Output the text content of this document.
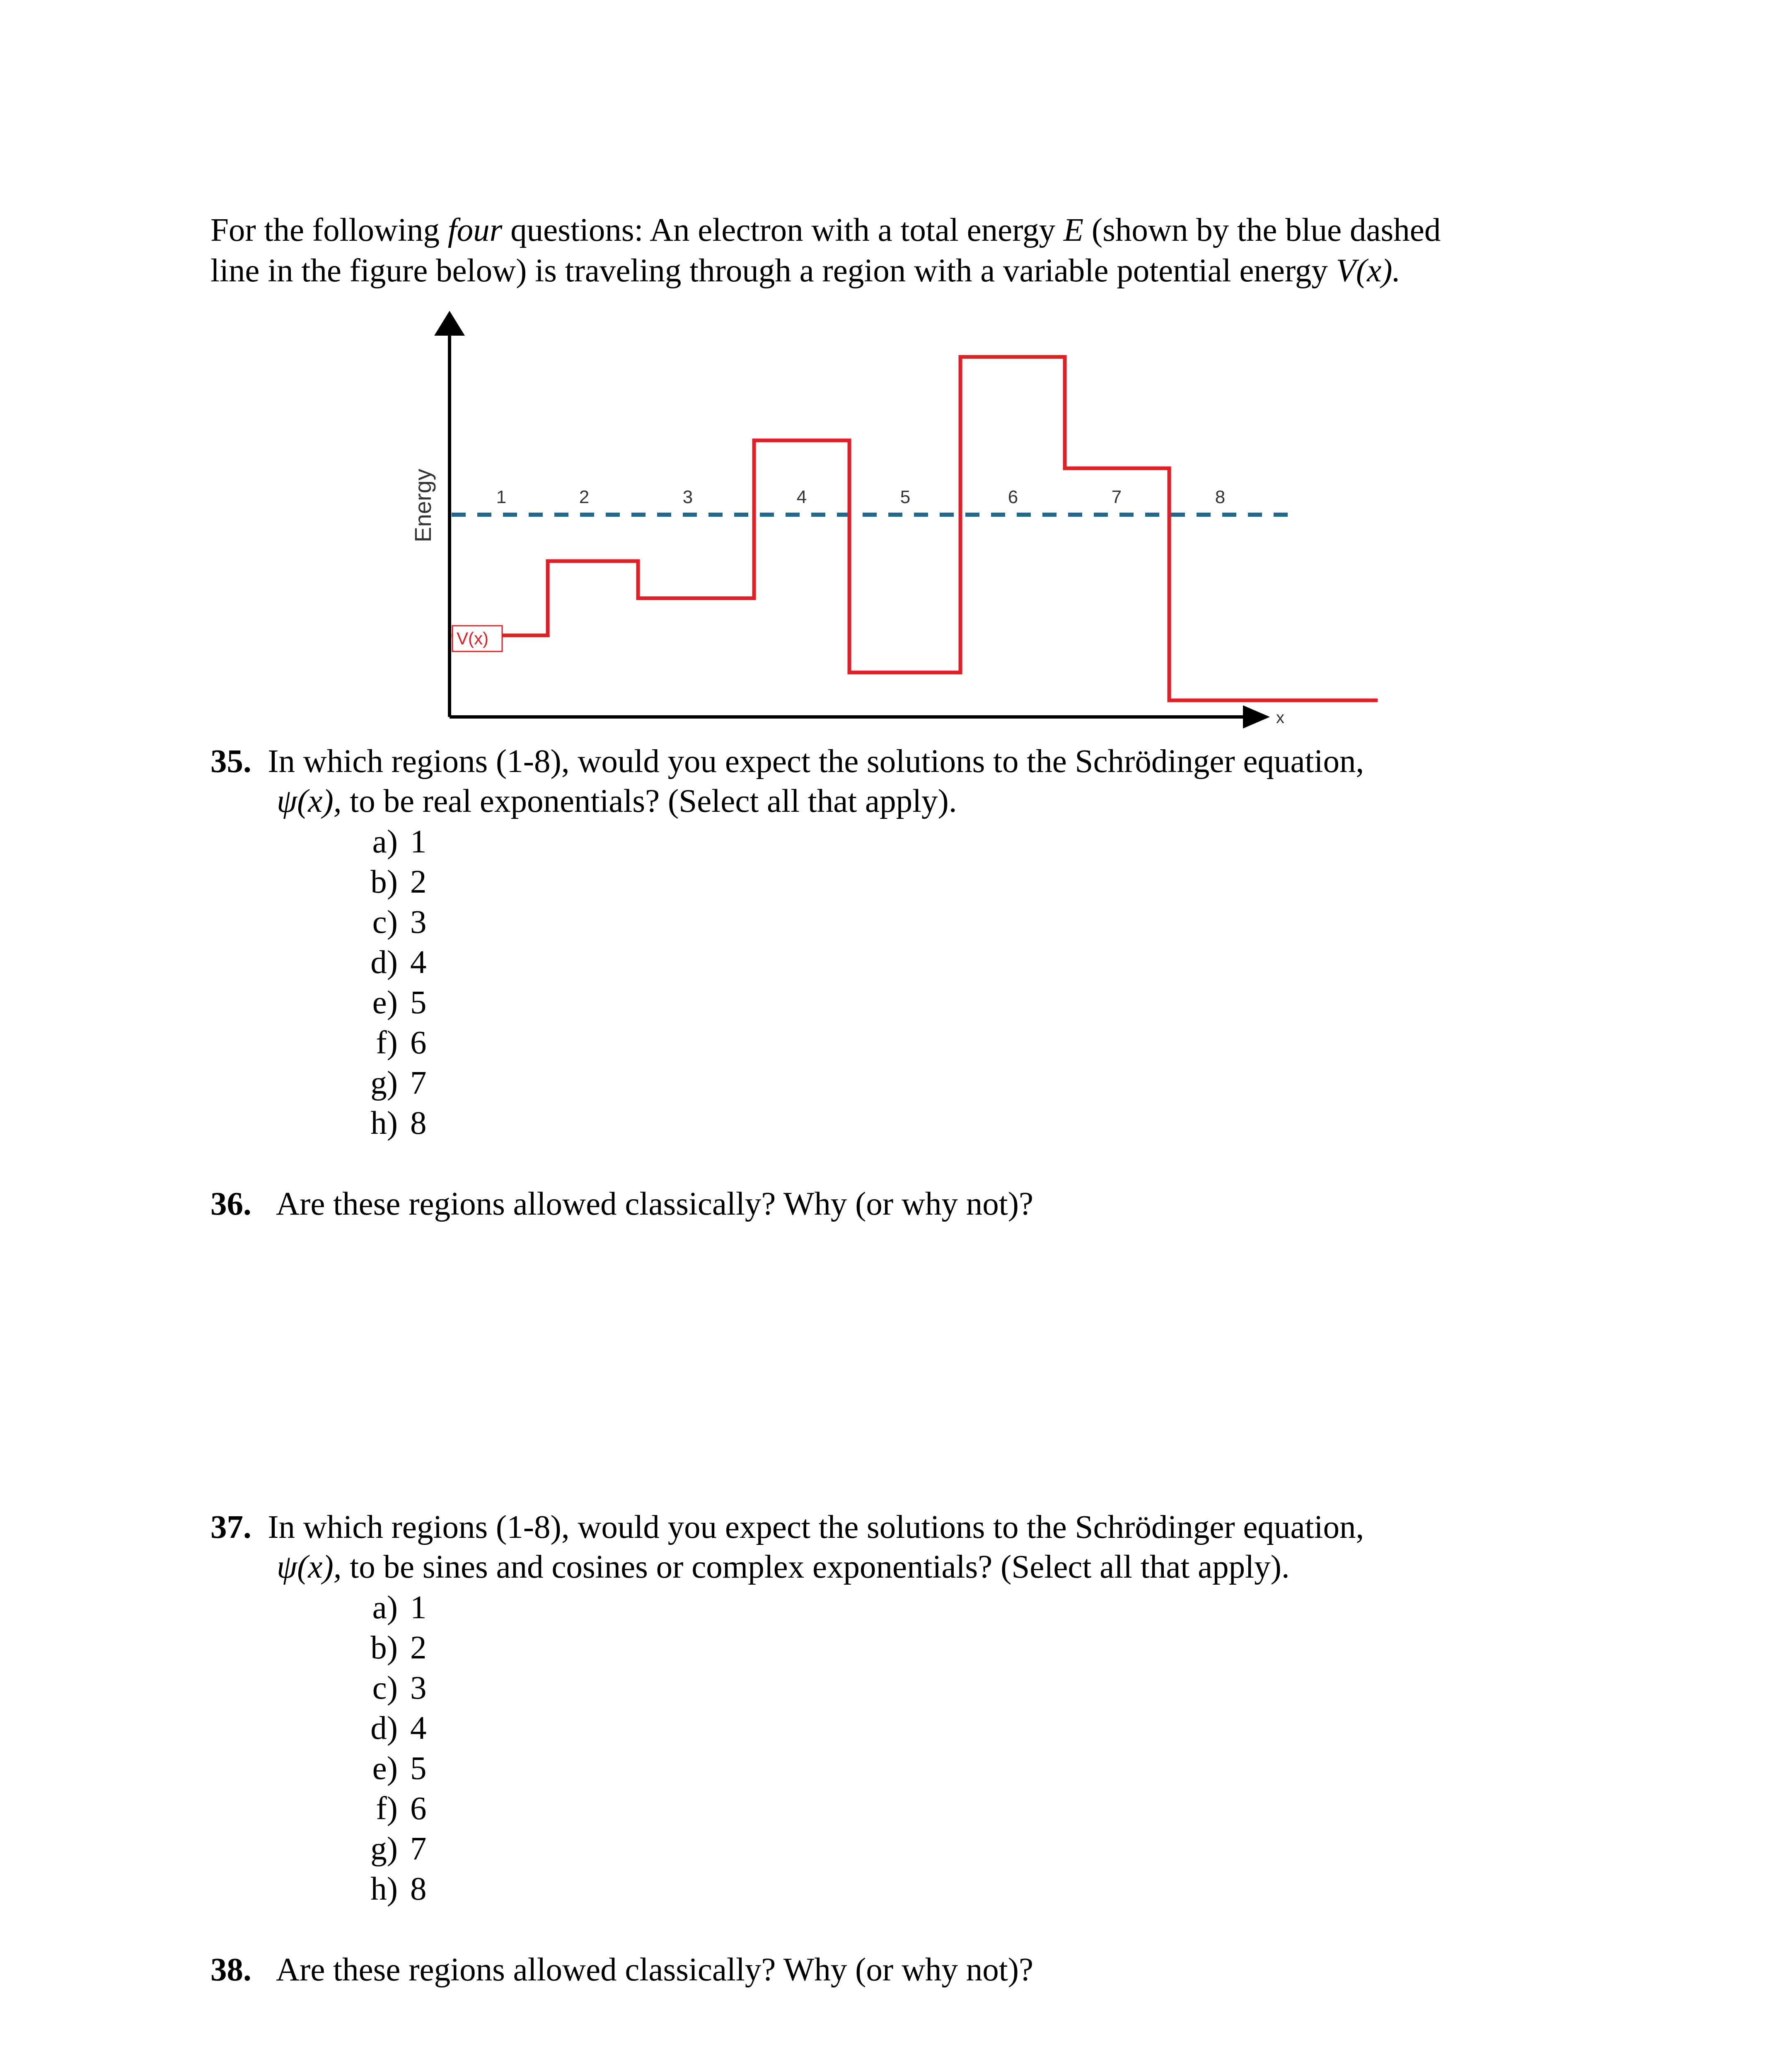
For the following four questions: An electron with a total energy E (shown by the blue dashed

line in the figure below) is traveling through a region with a variable potential energy V(x).

x
Energy
V(x)
1	2	3	4	5	6	7	8

35. In which regions (1-8), would you expect the solutions to the Schrödinger equation,

ψ(x), to be real exponentials? (Select all that apply).

a) 1

b) 2

c) 3

d) 4

e) 5

f) 6

g) 7

h) 8

36. Are these regions allowed classically? Why (or why not)?

37. In which regions (1-8), would you expect the solutions to the Schrödinger equation,

ψ(x), to be sines and cosines or complex exponentials? (Select all that apply).

a) 1

b) 2

c) 3

d) 4

e) 5

f) 6

g) 7

h) 8

38. Are these regions allowed classically? Why (or why not)?
